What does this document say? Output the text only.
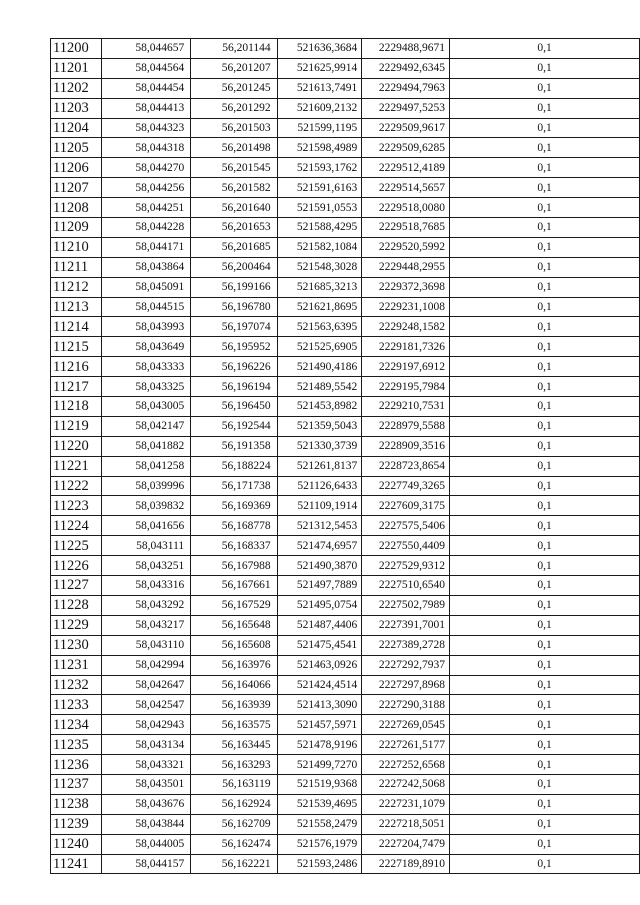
11200	58,044657	56,201144	521636,3684	2229488,9671	0,1
11201	58,044564	56,201207	521625,9914	2229492,6345	0,1
11202	58,044454	56,201245	521613,7491	2229494,7963	0,1
11203	58,044413	56,201292	521609,2132	2229497,5253	0,1
11204	58,044323	56,201503	521599,1195	2229509,9617	0,1
11205	58,044318	56,201498	521598,4989	2229509,6285	0,1
11206	58,044270	56,201545	521593,1762	2229512,4189	0,1
11207	58,044256	56,201582	521591,6163	2229514,5657	0,1
11208	58,044251	56,201640	521591,0553	2229518,0080	0,1
11209	58,044228	56,201653	521588,4295	2229518,7685	0,1
11210	58,044171	56,201685	521582,1084	2229520,5992	0,1
11211	58,043864	56,200464	521548,3028	2229448,2955	0,1
11212	58,045091	56,199166	521685,3213	2229372,3698	0,1
11213	58,044515	56,196780	521621,8695	2229231,1008	0,1
11214	58,043993	56,197074	521563,6395	2229248,1582	0,1
11215	58,043649	56,195952	521525,6905	2229181,7326	0,1
11216	58,043333	56,196226	521490,4186	2229197,6912	0,1
11217	58,043325	56,196194	521489,5542	2229195,7984	0,1
11218	58,043005	56,196450	521453,8982	2229210,7531	0,1
11219	58,042147	56,192544	521359,5043	2228979,5588	0,1
11220	58,041882	56,191358	521330,3739	2228909,3516	0,1
11221	58,041258	56,188224	521261,8137	2228723,8654	0,1
11222	58,039996	56,171738	521126,6433	2227749,3265	0,1
11223	58,039832	56,169369	521109,1914	2227609,3175	0,1
11224	58,041656	56,168778	521312,5453	2227575,5406	0,1
11225	58,043111	56,168337	521474,6957	2227550,4409	0,1
11226	58,043251	56,167988	521490,3870	2227529,9312	0,1
11227	58,043316	56,167661	521497,7889	2227510,6540	0,1
11228	58,043292	56,167529	521495,0754	2227502,7989	0,1
11229	58,043217	56,165648	521487,4406	2227391,7001	0,1
11230	58,043110	56,165608	521475,4541	2227389,2728	0,1
11231	58,042994	56,163976	521463,0926	2227292,7937	0,1
11232	58,042647	56,164066	521424,4514	2227297,8968	0,1
11233	58,042547	56,163939	521413,3090	2227290,3188	0,1
11234	58,042943	56,163575	521457,5971	2227269,0545	0,1
11235	58,043134	56,163445	521478,9196	2227261,5177	0,1
11236	58,043321	56,163293	521499,7270	2227252,6568	0,1
11237	58,043501	56,163119	521519,9368	2227242,5068	0,1
11238	58,043676	56,162924	521539,4695	2227231,1079	0,1
11239	58,043844	56,162709	521558,2479	2227218,5051	0,1
11240	58,044005	56,162474	521576,1979	2227204,7479	0,1
11241	58,044157	56,162221	521593,2486	2227189,8910	0,1
